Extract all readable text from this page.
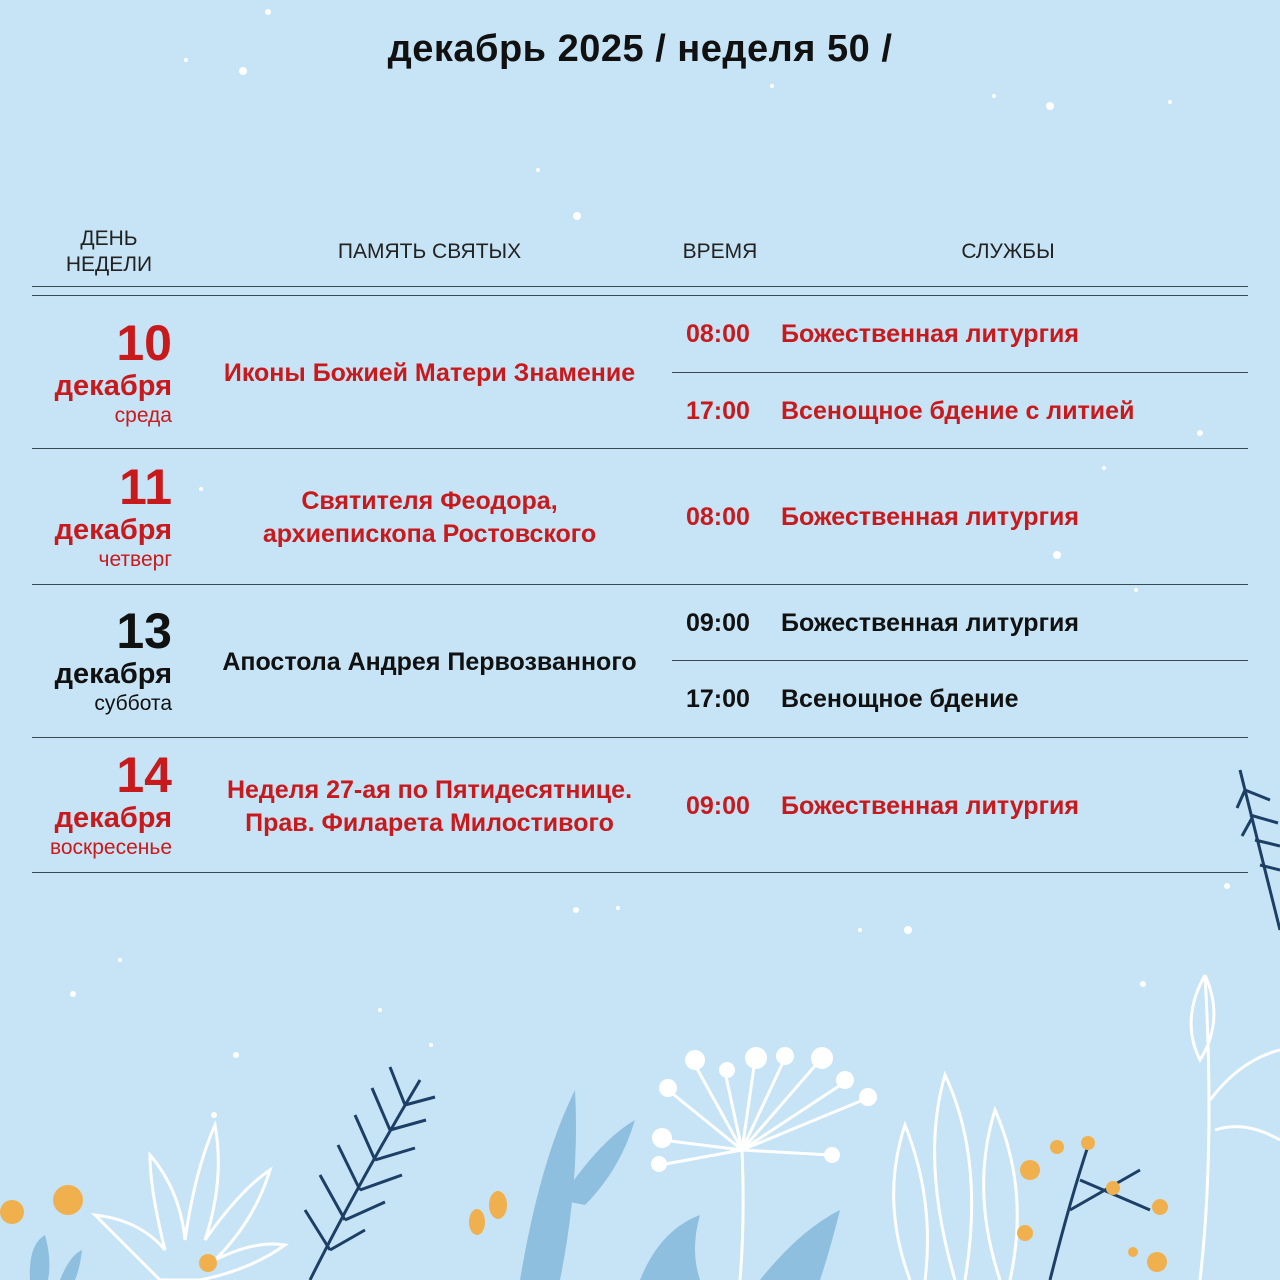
декабрь 2025 / неделя 50 /
ДЕНЬ
НЕДЕЛИ
ПАМЯТЬ СВЯТЫХ	ВРЕМЯ	СЛУЖБЫ
10
декабря
среда
Иконы Божией Матери Знамение
08:00 Божественная литургия
17:00 Всенощное бдение с литией
11
декабря
четверг
Святителя Феодора,
архиепископа Ростовского
08:00 Божественная литургия
13
декабря
суббота
Апостола Андрея Первозванного
09:00 Божественная литургия
17:00 Всенощное бдение
14
декабря
воскресенье
Неделя 27-ая по Пятидесятнице.
Прав. Филарета Милостивого
09:00 Божественная литургия
